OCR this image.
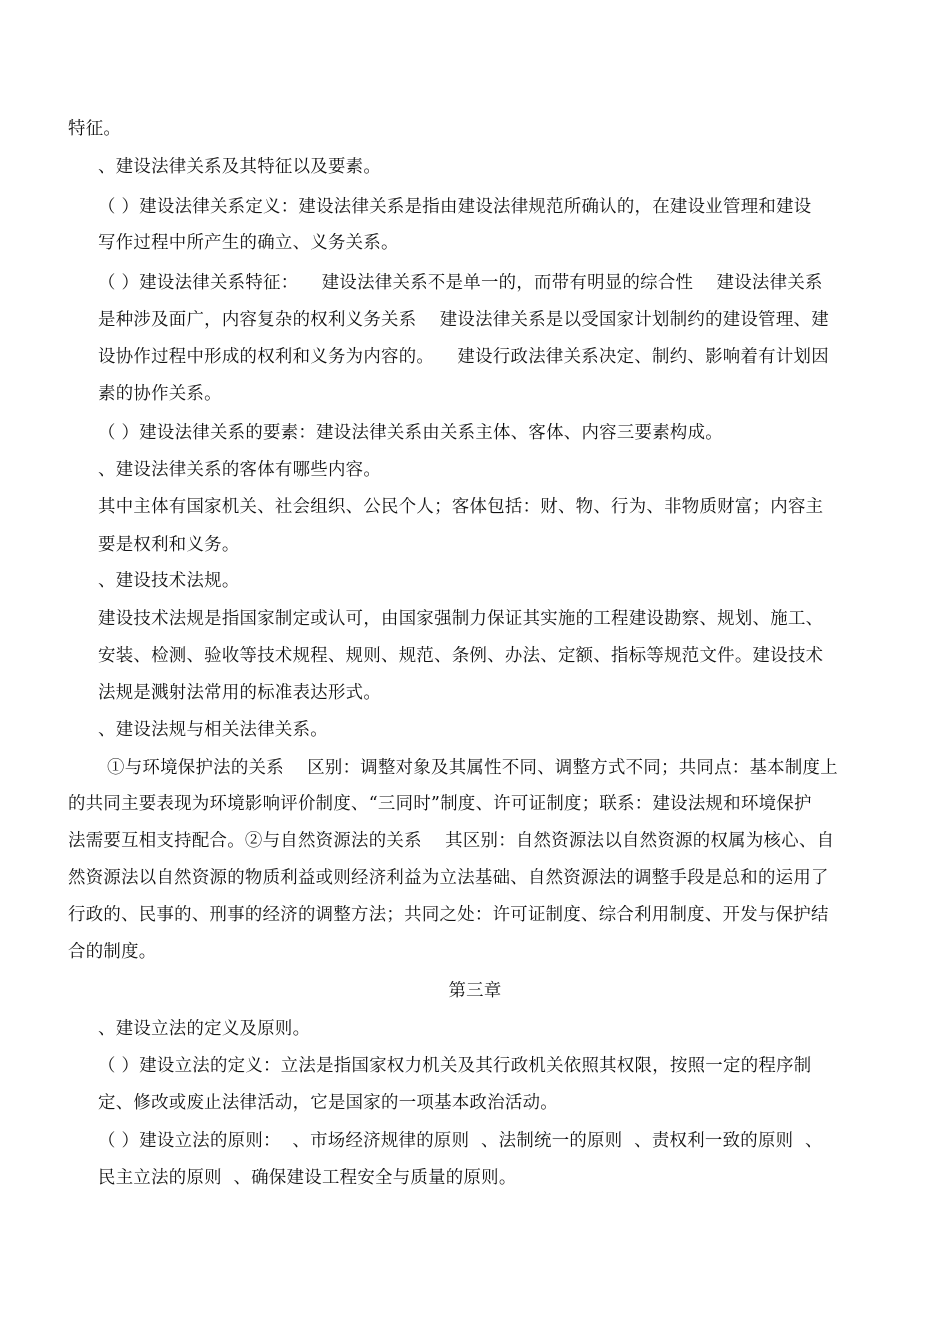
特征。
、建设法律关系及其特征以及要素。
（ ）建设法律关系定义：建设法律关系是指由建设法律规范所确认的，在建设业管理和建设
写作过程中所产生的确立、义务关系。
（ ）建设法律关系特征：    建设法律关系不是单一的，而带有明显的综合性    建设法律关系
是种涉及面广，内容复杂的权利义务关系    建设法律关系是以受国家计划制约的建设管理、建
设协作过程中形成的权利和义务为内容的。    建设行政法律关系决定、制约、影响着有计划因
素的协作关系。
（ ）建设法律关系的要素：建设法律关系由关系主体、客体、内容三要素构成。
、建设法律关系的客体有哪些内容。
其中主体有国家机关、社会组织、公民个人；客体包括：财、物、行为、非物质财富；内容主
要是权利和义务。
、建设技术法规。
建设技术法规是指国家制定或认可，由国家强制力保证其实施的工程建设勘察、规划、施工、
安装、检测、验收等技术规程、规则、规范、条例、办法、定额、指标等规范文件。建设技术
法规是溅射法常用的标准表达形式。
、建设法规与相关法律关系。
①与环境保护法的关系    区别：调整对象及其属性不同、调整方式不同；共同点：基本制度上
的共同主要表现为环境影响评价制度、“三同时”制度、许可证制度；联系：建设法规和环境保护
法需要互相支持配合。②与自然资源法的关系    其区别：自然资源法以自然资源的权属为核心、自
然资源法以自然资源的物质利益或则经济利益为立法基础、自然资源法的调整手段是总和的运用了
行政的、民事的、刑事的经济的调整方法；共同之处：许可证制度、综合利用制度、开发与保护结
合的制度。
第三章
、建设立法的定义及原则。
（ ）建设立法的定义：立法是指国家权力机关及其行政机关依照其权限，按照一定的程序制
定、修改或废止法律活动，它是国家的一项基本政治活动。
（ ）建设立法的原则：  、市场经济规律的原则  、法制统一的原则  、责权利一致的原则  、
民主立法的原则  、确保建设工程安全与质量的原则。
